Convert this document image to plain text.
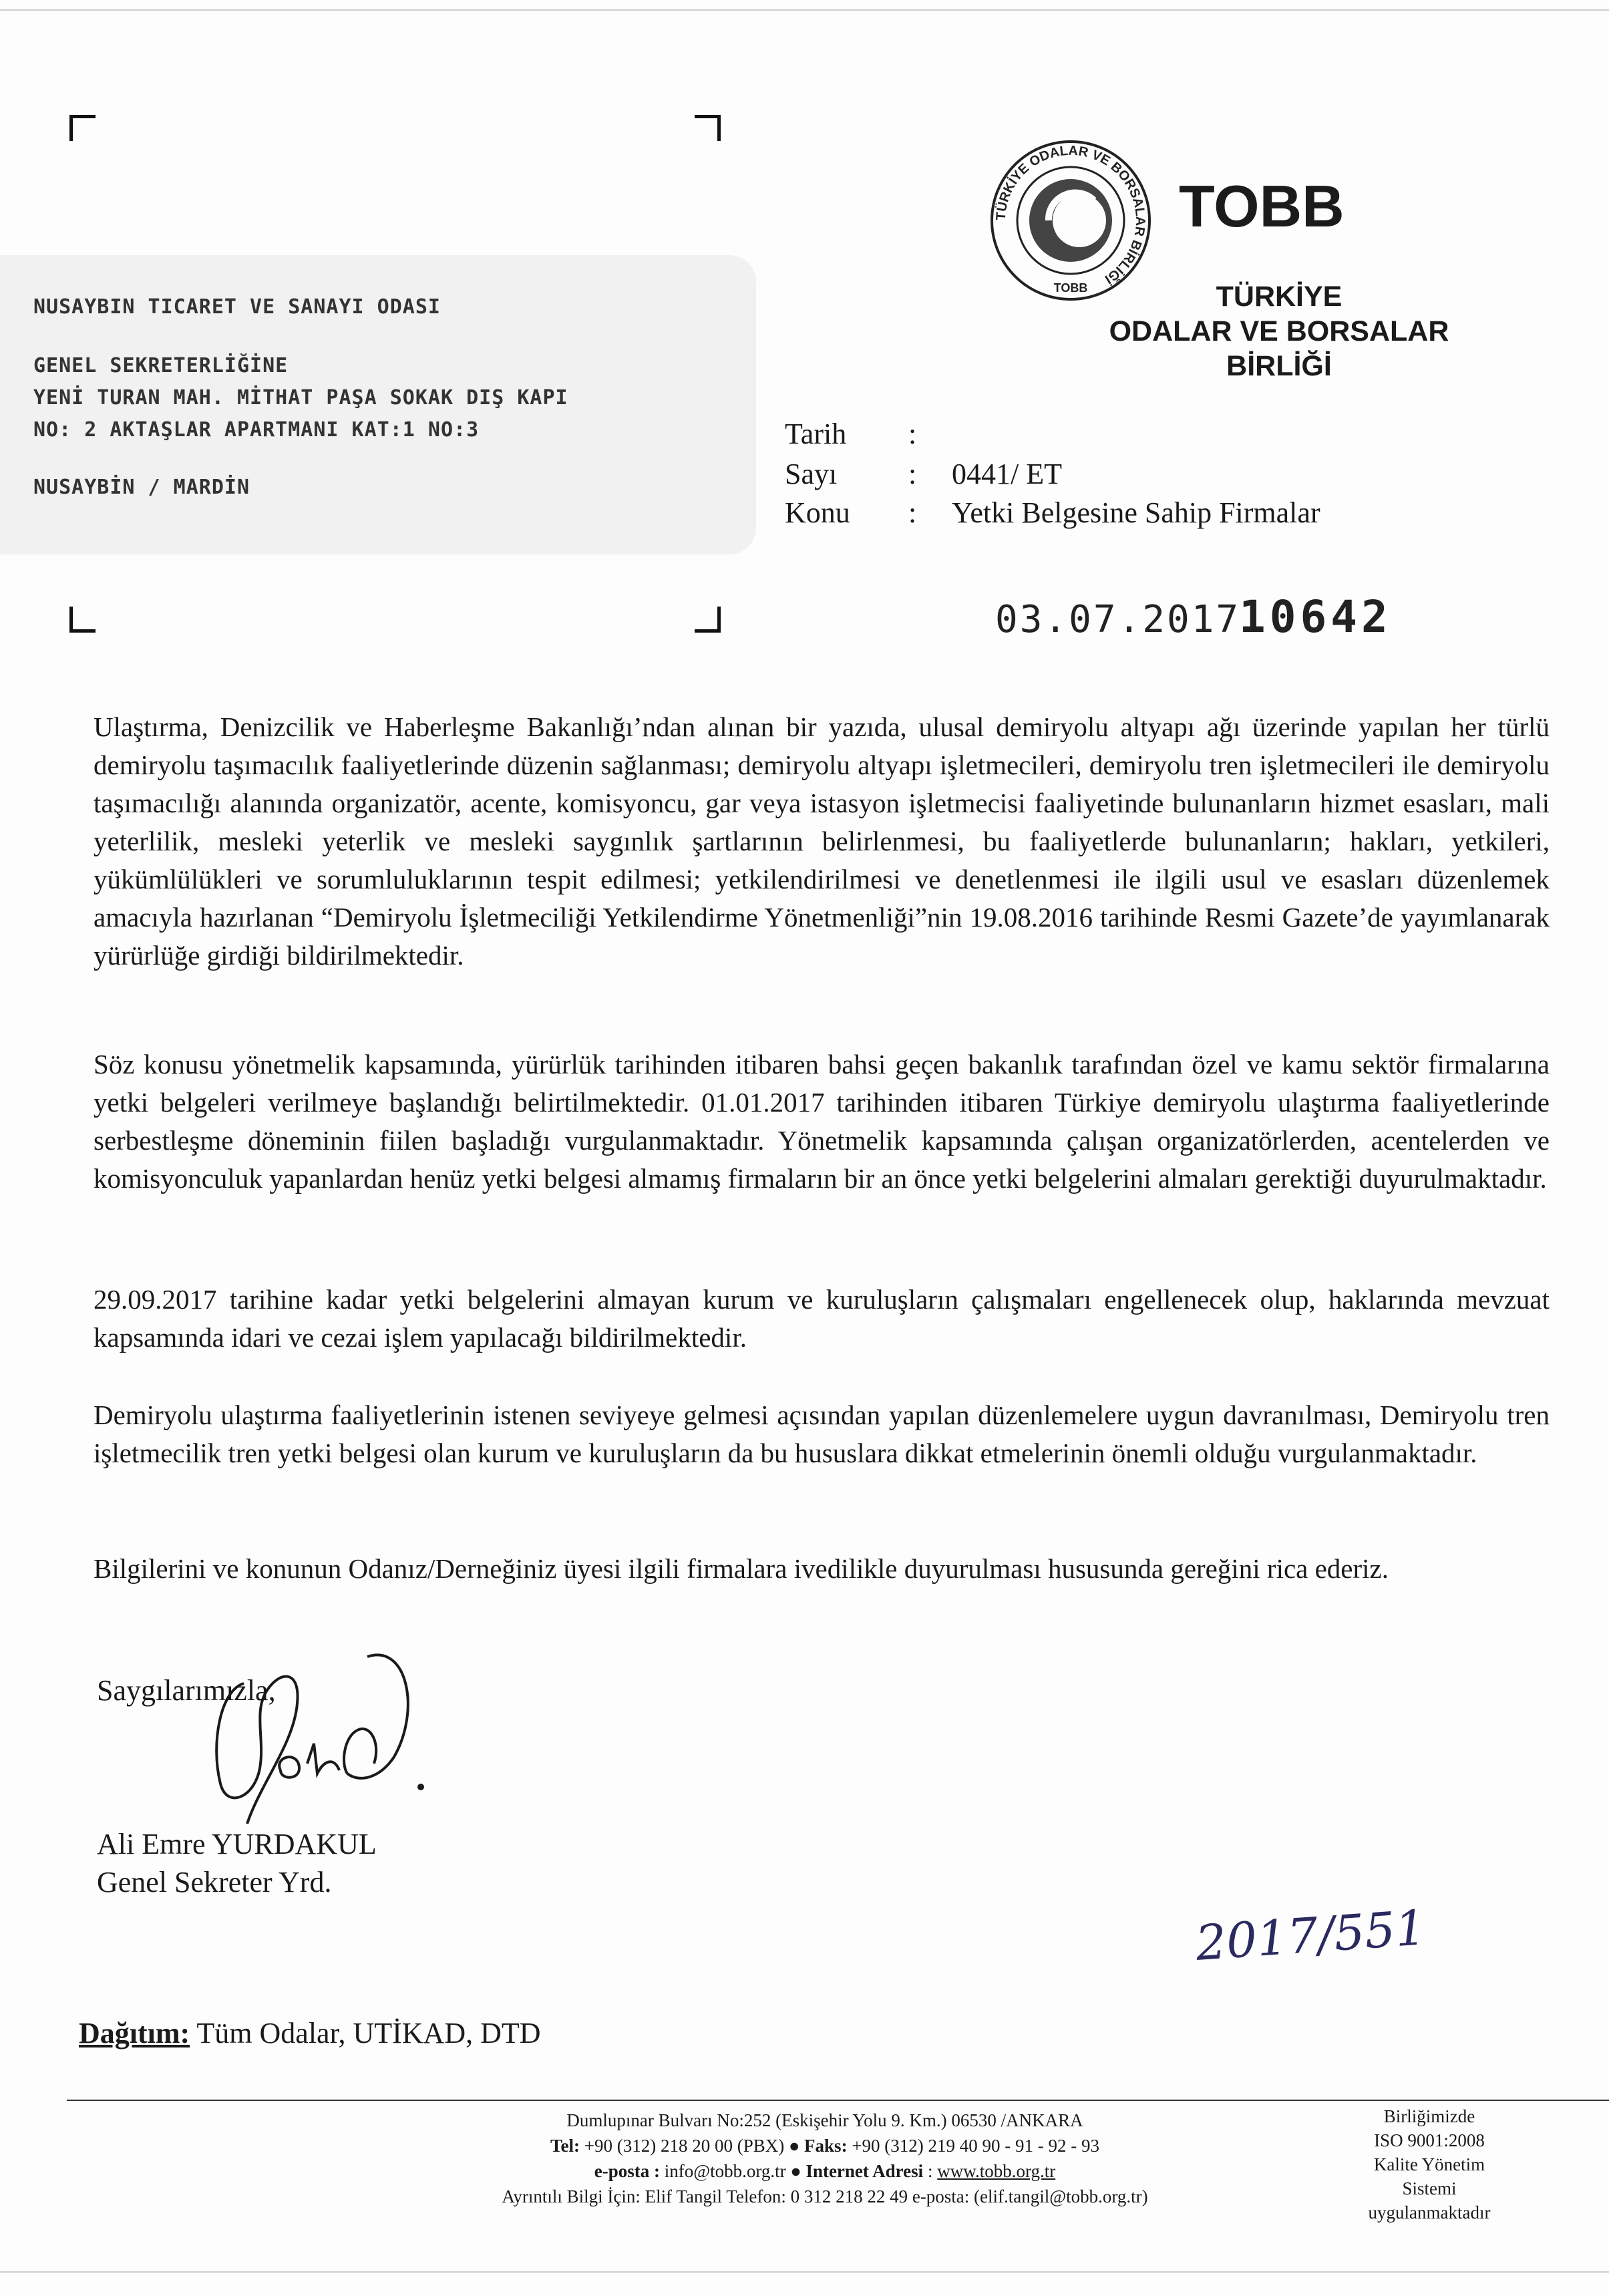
NUSAYBIN TICARET VE SANAYI ODASI
GENEL SEKRETERLİĞİNE
YENİ TURAN MAH. MİTHAT PAŞA SOKAK DIŞ KAPI
NO: 2 AKTAŞLAR APARTMANI KAT:1 NO:3
NUSAYBİN / MARDİN
TÜRKİYE ODALAR VE BORSALAR BİRLİĞİ
TOBB
TOBB
TÜRKİYE
ODALAR VE BORSALAR
BİRLİĞİ
Tarih :
Sayı : 0441/ ET
Konu : Yetki Belgesine Sahip Firmalar
03.07.2017
10642
Ulaştırma, Denizcilik ve Haberleşme Bakanlığı’ndan alınan bir yazıda, ulusal demiryolu altyapı ağı üzerinde yapılan her türlü demiryolu taşımacılık faaliyetlerinde düzenin sağlanması; demiryolu altyapı işletmecileri, demiryolu tren işletmecileri ile demiryolu taşımacılığı alanında organizatör, acente, komisyoncu, gar veya istasyon işletmecisi faaliyetinde bulunanların hizmet esasları, mali yeterlilik, mesleki yeterlik ve mesleki saygınlık şartlarının belirlenmesi, bu faaliyetlerde bulunanların; hakları, yetkileri, yükümlülükleri ve sorumluluklarının tespit edilmesi; yetkilendirilmesi ve denetlenmesi ile ilgili usul ve esasları düzenlemek amacıyla hazırlanan “Demiryolu İşletmeciliği Yetkilendirme Yönetmenliği”nin 19.08.2016 tarihinde Resmi Gazete’de yayımlanarak yürürlüğe girdiği bildirilmektedir.
Söz konusu yönetmelik kapsamında, yürürlük tarihinden itibaren bahsi geçen bakanlık tarafından özel ve kamu sektör firmalarına yetki belgeleri verilmeye başlandığı belirtilmektedir. 01.01.2017 tarihinden itibaren Türkiye demiryolu ulaştırma faaliyetlerinde serbestleşme döneminin fiilen başladığı vurgulanmaktadır. Yönetmelik kapsamında çalışan organizatörlerden, acentelerden ve komisyonculuk yapanlardan henüz yetki belgesi almamış firmaların bir an önce yetki belgelerini almaları gerektiği duyurulmaktadır.
29.09.2017 tarihine kadar yetki belgelerini almayan kurum ve kuruluşların çalışmaları engellenecek olup, haklarında mevzuat kapsamında idari ve cezai işlem yapılacağı bildirilmektedir.
Demiryolu ulaştırma faaliyetlerinin istenen seviyeye gelmesi açısından yapılan düzenlemelere uygun davranılması, Demiryolu tren işletmecilik tren yetki belgesi olan kurum ve kuruluşların da bu hususlara dikkat etmelerinin önemli olduğu vurgulanmaktadır.
Bilgilerini ve konunun Odanız/Derneğiniz üyesi ilgili firmalara ivedilikle duyurulması hususunda gereğini rica ederiz.
Saygılarımızla,
Ali Emre YURDAKUL
Genel Sekreter Yrd.
2017/551
Dağıtım: Tüm Odalar, UTİKAD, DTD
Dumlupınar Bulvarı No:252 (Eskişehir Yolu 9. Km.) 06530 /ANKARA
Tel: +90 (312) 218 20 00 (PBX) ● Faks: +90 (312) 219 40 90 - 91 - 92 - 93
e-posta : info@tobb.org.tr ● Internet Adresi : www.tobb.org.tr
Ayrıntılı Bilgi İçin: Elif Tangil Telefon: 0 312 218 22 49 e-posta: (elif.tangil@tobb.org.tr)
Birliğimizde
ISO 9001:2008
Kalite Yönetim
Sistemi
uygulanmaktadır
